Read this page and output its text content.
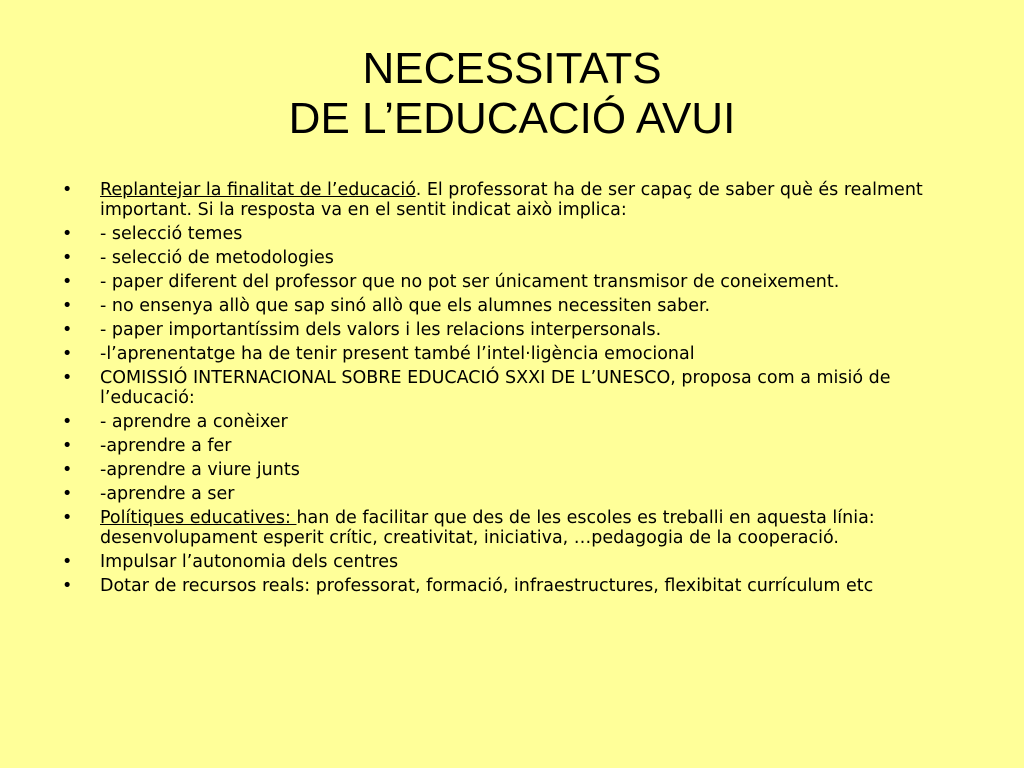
NECESSITATS
DE L’EDUCACIÓ AVUI
• Replantejar la finalitat de l’educació. El professorat ha de ser capaç de saber què és realment important. Si la resposta va en el sentit indicat això implica:
• - selecció temes
• - selecció de metodologies
• - paper diferent del professor que no pot ser únicament transmisor de coneixement.
• - no ensenya allò que sap sinó allò que els alumnes necessiten saber.
• - paper importantíssim dels valors i les relacions interpersonals.
• -l’aprenentatge ha de tenir present també l’intel·ligència emocional
• COMISSIÓ INTERNACIONAL SOBRE EDUCACIÓ SXXI DE L’UNESCO, proposa com a misió de l’educació:
• - aprendre a conèixer
• -aprendre a fer
• -aprendre a viure junts
• -aprendre a ser
• Polítiques educatives: han de facilitar que des de les escoles es treballi en aquesta línia: desenvolupament esperit crític, creativitat, iniciativa, …pedagogia de la cooperació.
• Impulsar l’autonomia dels centres
• Dotar de recursos reals: professorat, formació, infraestructures, flexibitat currículum etc
